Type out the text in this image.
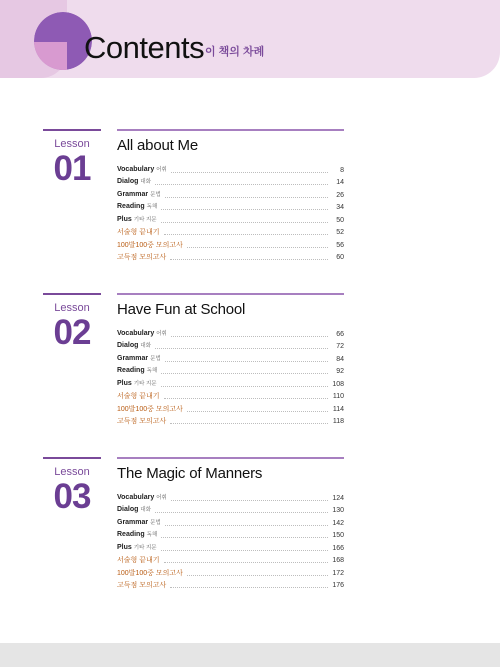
Contents 이 책의 차례
Lesson
01
All about Me
Vocabulary 어휘	8
Dialog 대화	14
Grammar 문법	26
Reading 독해	34
Plus 기타 지문	50
서술형 끝내기	52
100발100중 모의고사	56
고득점 모의고사	60
Lesson
02
Have Fun at School
Vocabulary 어휘	66
Dialog 대화	72
Grammar 문법	84
Reading 독해	92
Plus 기타 지문	108
서술형 끝내기	110
100발100중 모의고사	114
고득점 모의고사	118
Lesson
03
The Magic of Manners
Vocabulary 어휘	124
Dialog 대화	130
Grammar 문법	142
Reading 독해	150
Plus 기타 지문	166
서술형 끝내기	168
100발100중 모의고사	172
고득점 모의고사	176
